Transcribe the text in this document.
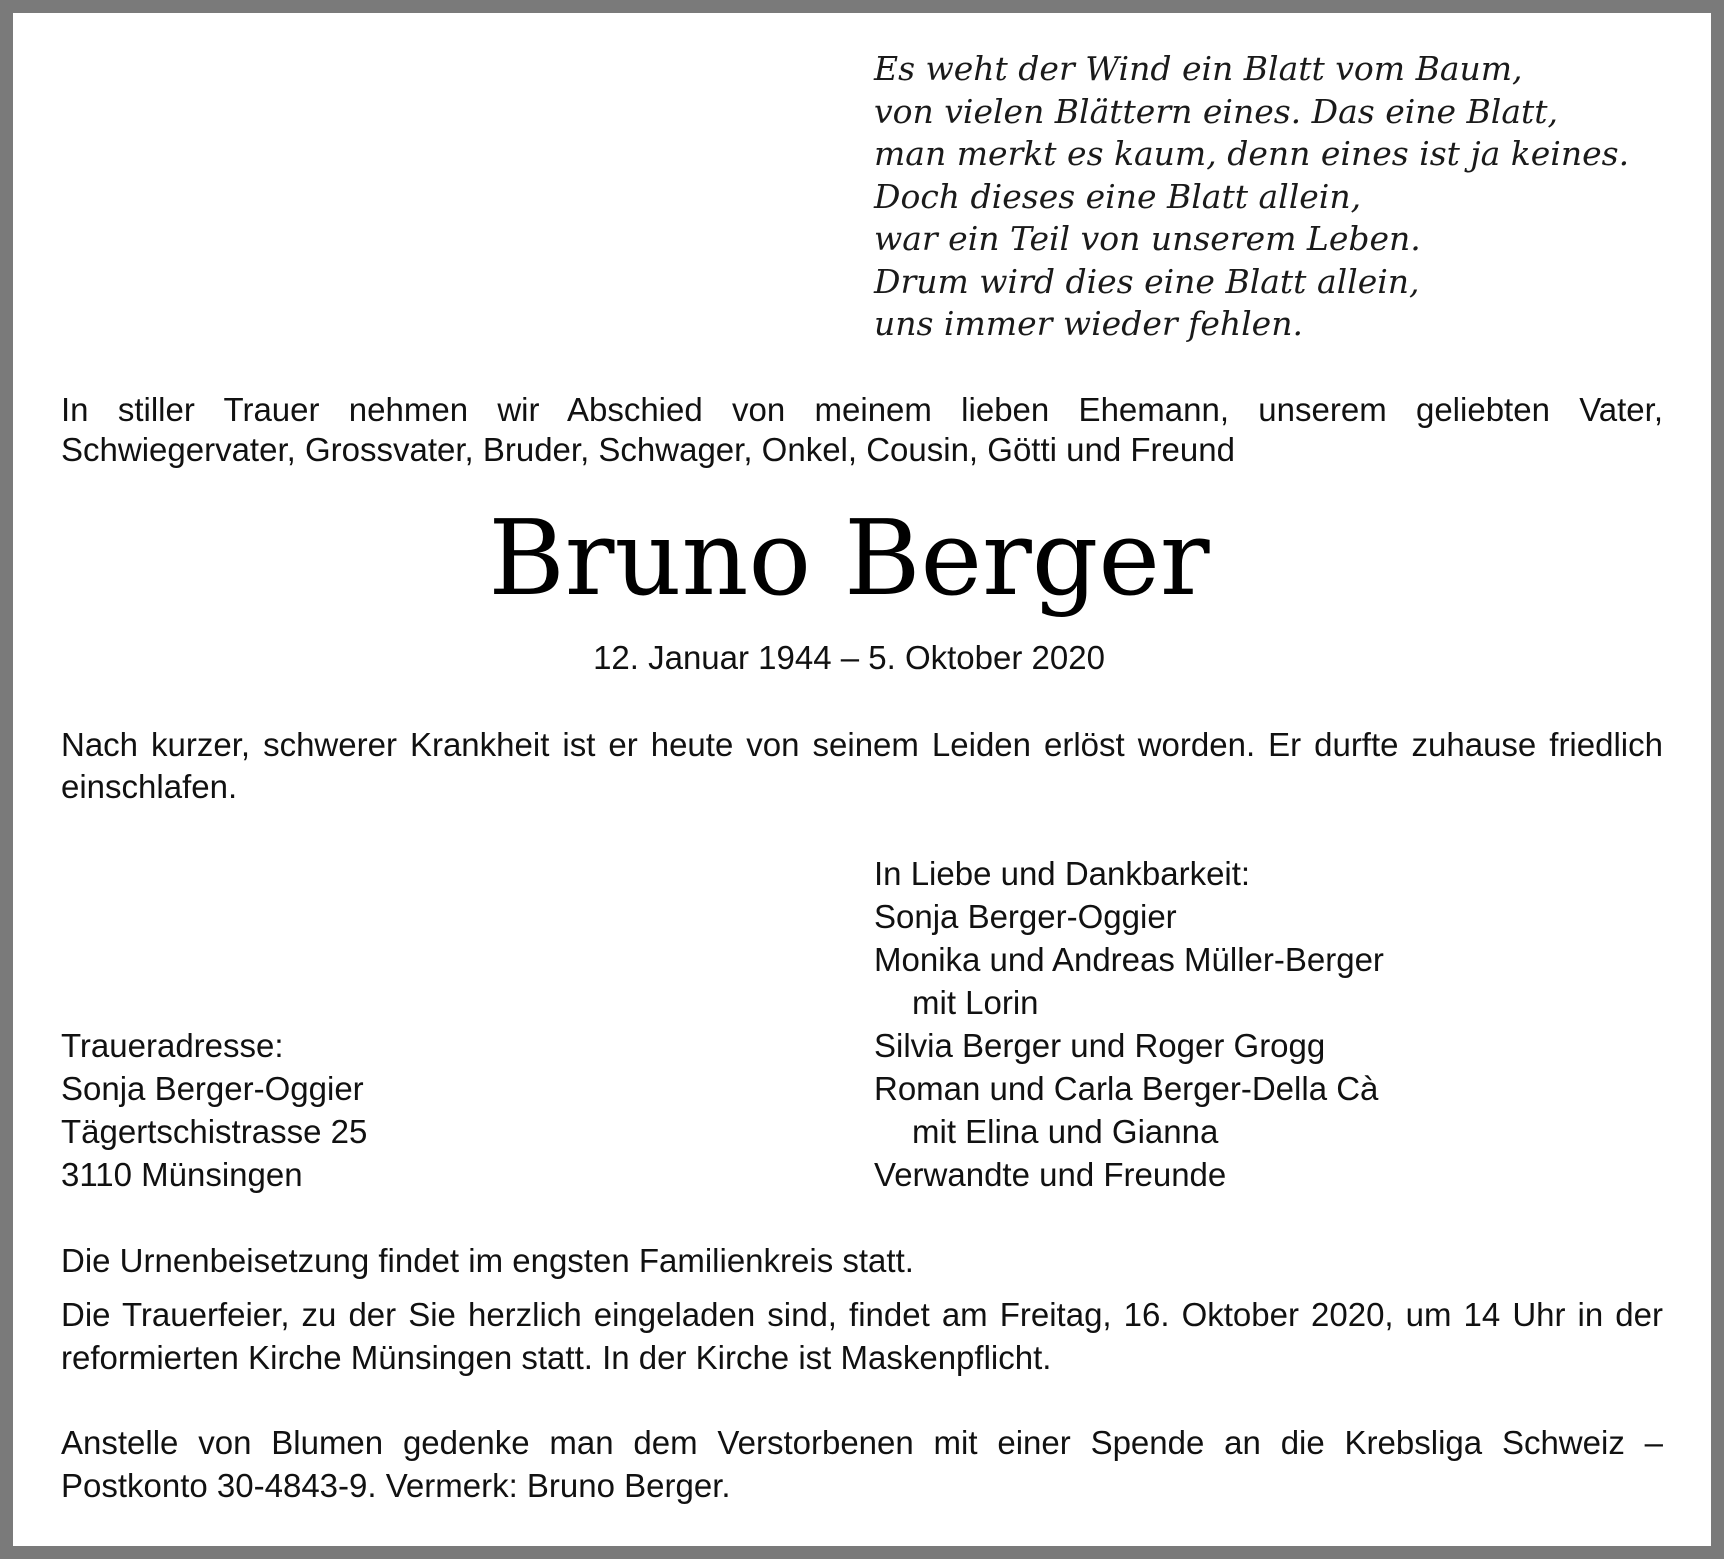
Es weht der Wind ein Blatt vom Baum,
von vielen Blättern eines. Das eine Blatt,
man merkt es kaum, denn eines ist ja keines.
Doch dieses eine Blatt allein,
war ein Teil von unserem Leben.
Drum wird dies eine Blatt allein,
uns immer wieder fehlen.
In stiller Trauer nehmen wir Abschied von meinem lieben Ehemann, unserem geliebten Vater, Schwiegervater, Grossvater, Bruder, Schwager, Onkel, Cousin, Götti und Freund
Bruno Berger
12. Januar 1944 – 5. Oktober 2020
Nach kurzer, schwerer Krankheit ist er heute von seinem Leiden erlöst worden. Er durfte zuhause friedlich einschlafen.
In Liebe und Dankbarkeit:
Sonja Berger-Oggier
Monika und Andreas Müller-Berger
mit Lorin
Silvia Berger und Roger Grogg
Roman und Carla Berger-Della Cà
mit Elina und Gianna
Verwandte und Freunde
Traueradresse:
Sonja Berger-Oggier
Tägertschistrasse 25
3110 Münsingen
Die Urnenbeisetzung findet im engsten Familienkreis statt.
Die Trauerfeier, zu der Sie herzlich eingeladen sind, findet am Freitag, 16. Oktober 2020, um 14 Uhr in der reformierten Kirche Münsingen statt. In der Kirche ist Maskenpflicht.
Anstelle von Blumen gedenke man dem Verstorbenen mit einer Spende an die Krebsliga Schweiz – Postkonto 30-4843-9. Vermerk: Bruno Berger.
